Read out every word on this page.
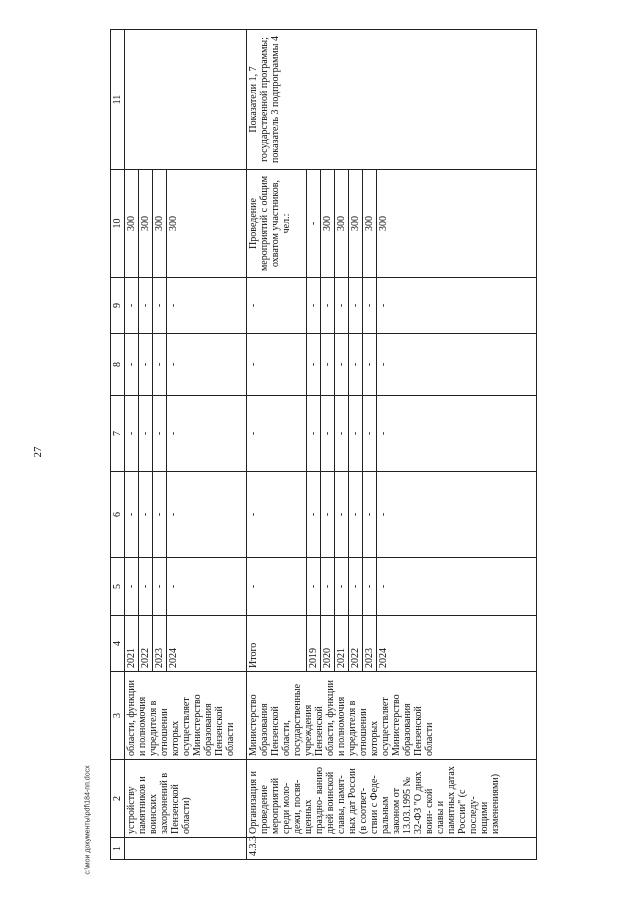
27
1	2	3	4	5	6	7	8	9	10	11
	устройству памятников и воинских захоронений в Пензенской области)	области, функции и полномочия учредителя в отношении которых осуществляет Министерство образования Пензенской области	2021	-	-	-	-	-	300	
			2022	-	-	-	-	-	300	
			2023	-	-	-	-	-	300	
			2024	-	-	-	-	-	300	
4.3.3	Организация и проведение мероприятий среди моло- дежи, посвя- щенных праздно- ванию дней воинской славы, памят- ных дат России (в соответ- ствии с Феде- ральным законом от 13.03.1995 № 32-ФЗ "О днях воин- ской славы и памятных датах России" (с последу- ющими изменениями)	Министерство образования Пензенской области, государственные учреждения Пензенской области, функции и полномочия учредителя в отношении которых осуществляет Министерство образования Пензенской области	Итого	-	-	-	-	-	Проведение мероприятий с общим охватом участников, чел.:	Показатели 1, 7 государственной программы; показатель 3 подпрограммы 4
			2019	-	-	-	-	-	-	
			2020	-	-	-	-	-	300	
			2021	-	-	-	-	-	300	
			2022	-	-	-	-	-	300	
			2023	-	-	-	-	-	300	
			2024	-	-	-	-	-	300	
c:\мои документы\pdf\184-пп.docx
